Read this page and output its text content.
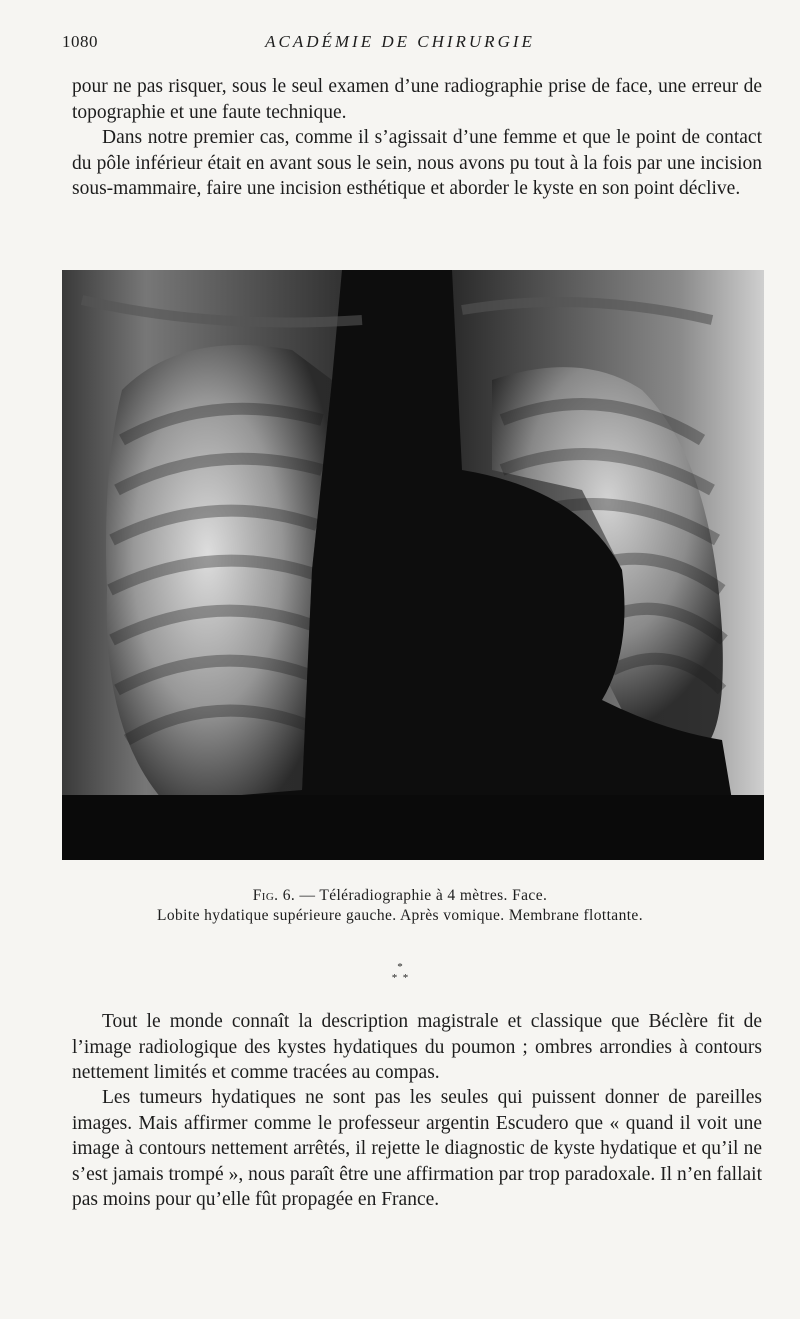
1080	ACADÉMIE DE CHIRURGIE

pour ne pas risquer, sous le seul examen d’une radiographie prise de face, une erreur de topographie et une faute technique.

Dans notre premier cas, comme il s’agissait d’une femme et que le point de contact du pôle inférieur était en avant sous le sein, nous avons pu tout à la fois par une incision sous-mammaire, faire une incision esthétique et aborder le kyste en son point déclive.

Fig. 6. — Téléradiographie à 4 mètres. Face.
Lobite hydatique supérieure gauche. Après vomique. Membrane flottante.
*
*  *

Tout le monde connaît la description magistrale et classique que Béclère fit de l’image radiologique des kystes hydatiques du poumon ; ombres arrondies à contours nettement limités et comme tracées au compas.

Les tumeurs hydatiques ne sont pas les seules qui puissent donner de pareilles images. Mais affirmer comme le professeur argentin Escudero que « quand il voit une image à contours nettement arrêtés, il rejette le diagnostic de kyste hydatique et qu’il ne s’est jamais trompé », nous paraît être une affirmation par trop paradoxale. Il n’en fallait pas moins pour qu’elle fût propagée en France.
